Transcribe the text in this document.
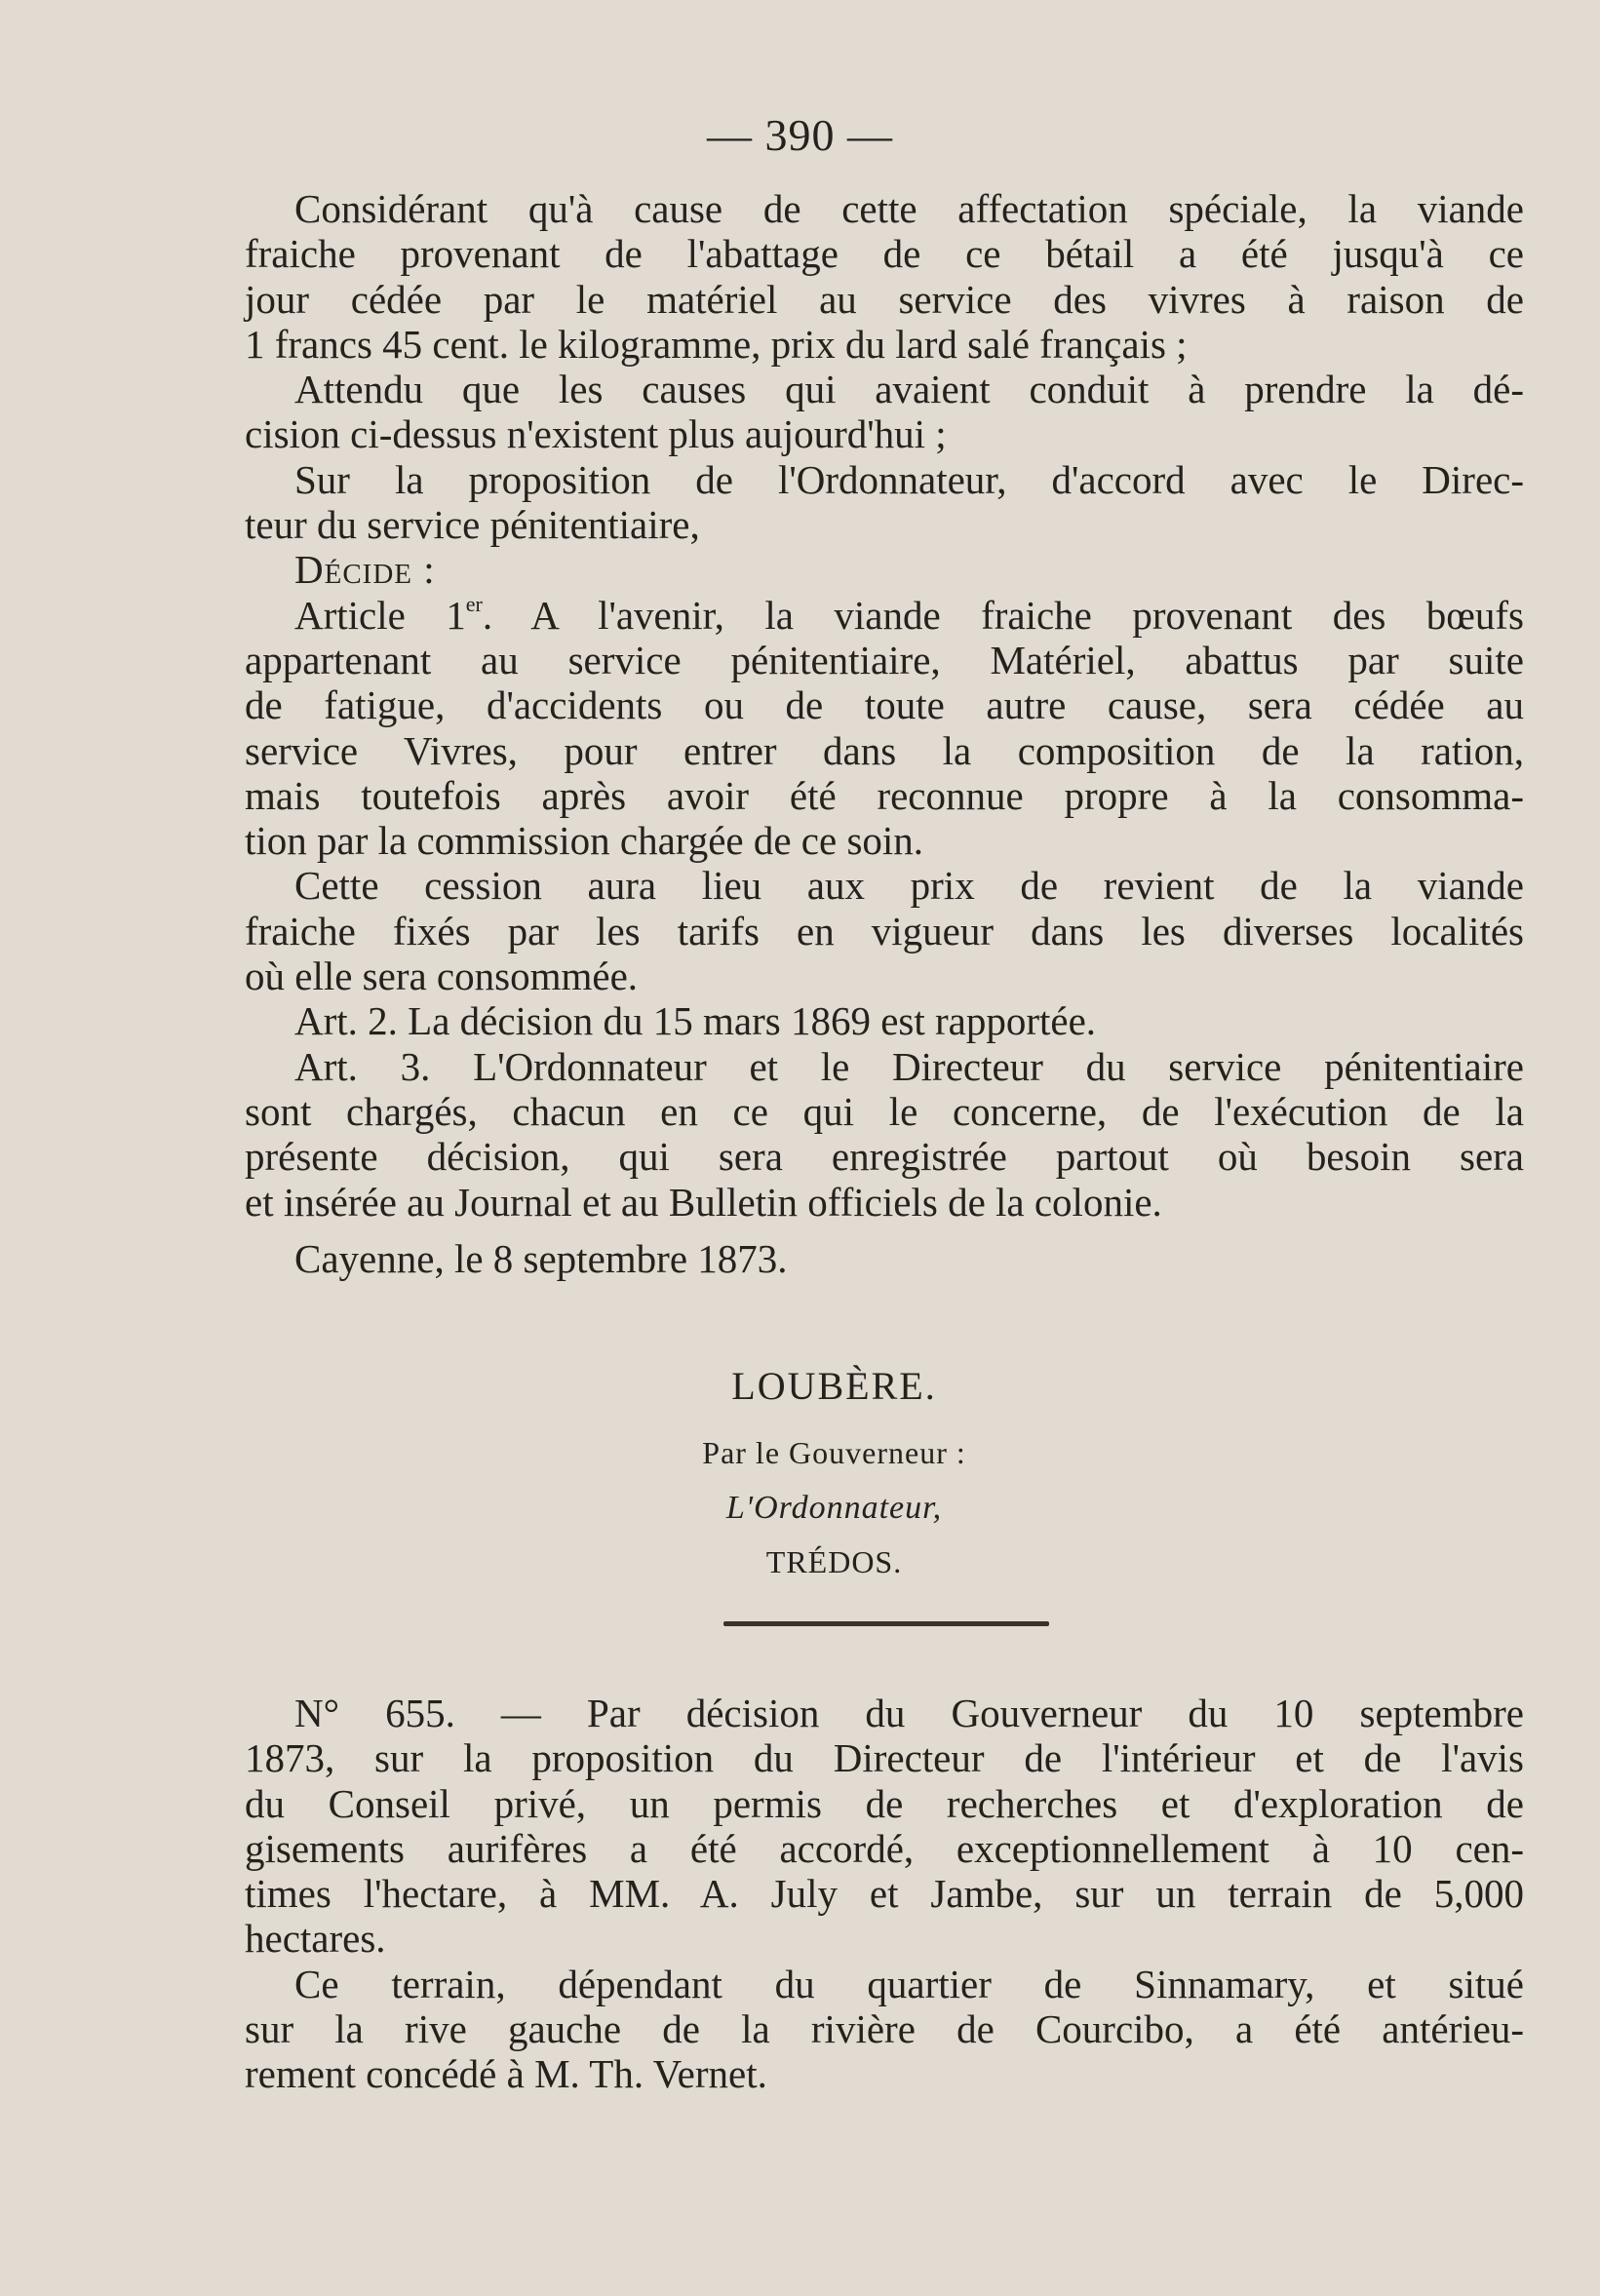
— 390 —
Considérant qu'à cause de cette affectation spéciale, la viande
fraiche provenant de l'abattage de ce bétail a été jusqu'à ce
jour cédée par le matériel au service des vivres à raison de
1 francs 45 cent. le kilogramme, prix du lard salé français ;
Attendu que les causes qui avaient conduit à prendre la dé-
cision ci-dessus n'existent plus aujourd'hui ;
Sur la proposition de l'Ordonnateur, d'accord avec le Direc-
teur du service pénitentiaire,
Décide :
Article 1er. A l'avenir, la viande fraiche provenant des bœufs
appartenant au service pénitentiaire, Matériel, abattus par suite
de fatigue, d'accidents ou de toute autre cause, sera cédée au
service Vivres, pour entrer dans la composition de la ration,
mais toutefois après avoir été reconnue propre à la consomma-
tion par la commission chargée de ce soin.
Cette cession aura lieu aux prix de revient de la viande
fraiche fixés par les tarifs en vigueur dans les diverses localités
où elle sera consommée.
Art. 2. La décision du 15 mars 1869 est rapportée.
Art. 3. L'Ordonnateur et le Directeur du service pénitentiaire
sont chargés, chacun en ce qui le concerne, de l'exécution de la
présente décision, qui sera enregistrée partout où besoin sera
et insérée au Journal et au Bulletin officiels de la colonie.
Cayenne, le 8 septembre 1873.
LOUBÈRE.
Par le Gouverneur :
L'Ordonnateur,
TRÉDOS.
N° 655. — Par décision du Gouverneur du 10 septembre
1873, sur la proposition du Directeur de l'intérieur et de l'avis
du Conseil privé, un permis de recherches et d'exploration de
gisements aurifères a été accordé, exceptionnellement à 10 cen-
times l'hectare, à MM. A. July et Jambe, sur un terrain de 5,000
hectares.
Ce terrain, dépendant du quartier de Sinnamary, et situé
sur la rive gauche de la rivière de Courcibo, a été antérieu-
rement concédé à M. Th. Vernet.
